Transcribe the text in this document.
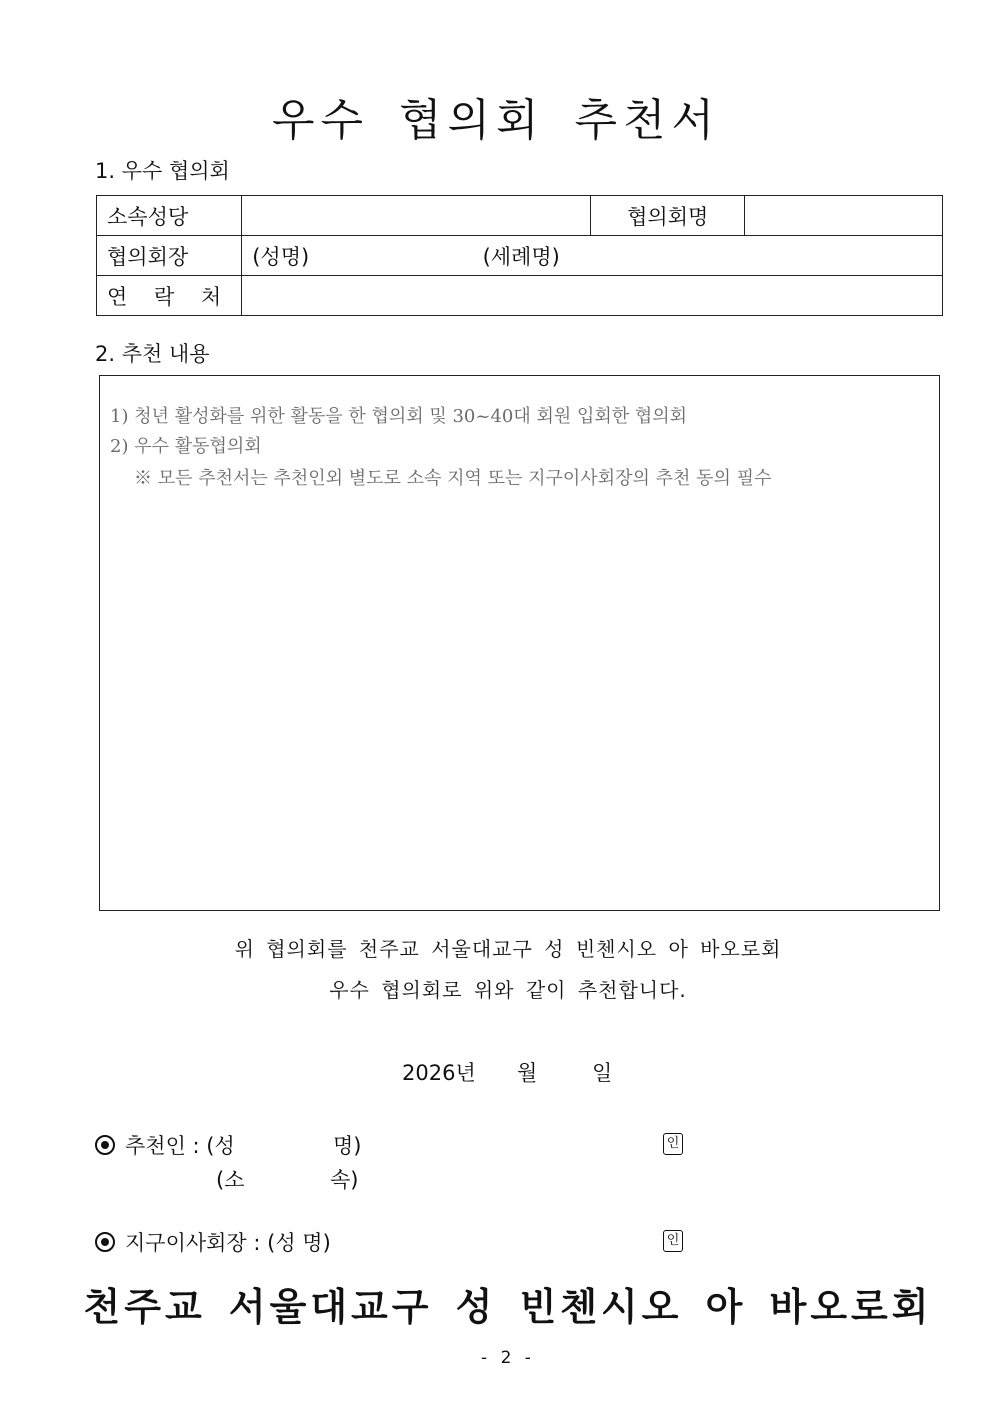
우수 협의회 추천서
1. 우수 협의회
소속성당		협의회명	
협의회장	(성명) (세례명)		
연 락 처			
2. 추천 내용
1) 청년 활성화를 위한 활동을 한 협의회 및 30~40대 회원 입회한 협의회
2) 우수 활동협의회
※ 모든 추천서는 추천인외 별도로 소속 지역 또는 지구이사회장의 추천 동의 필수
위 협의회를 천주교 서울대교구 성 빈첸시오 아 바오로회
우수 협의회로 위와 같이 추천합니다.
2026년 월	일
추천인 : (성	명)	인
(소	속)
지구이사회장 : (성 명)	인
천주교 서울대교구 성 빈첸시오 아 바오로회
- 2 -
